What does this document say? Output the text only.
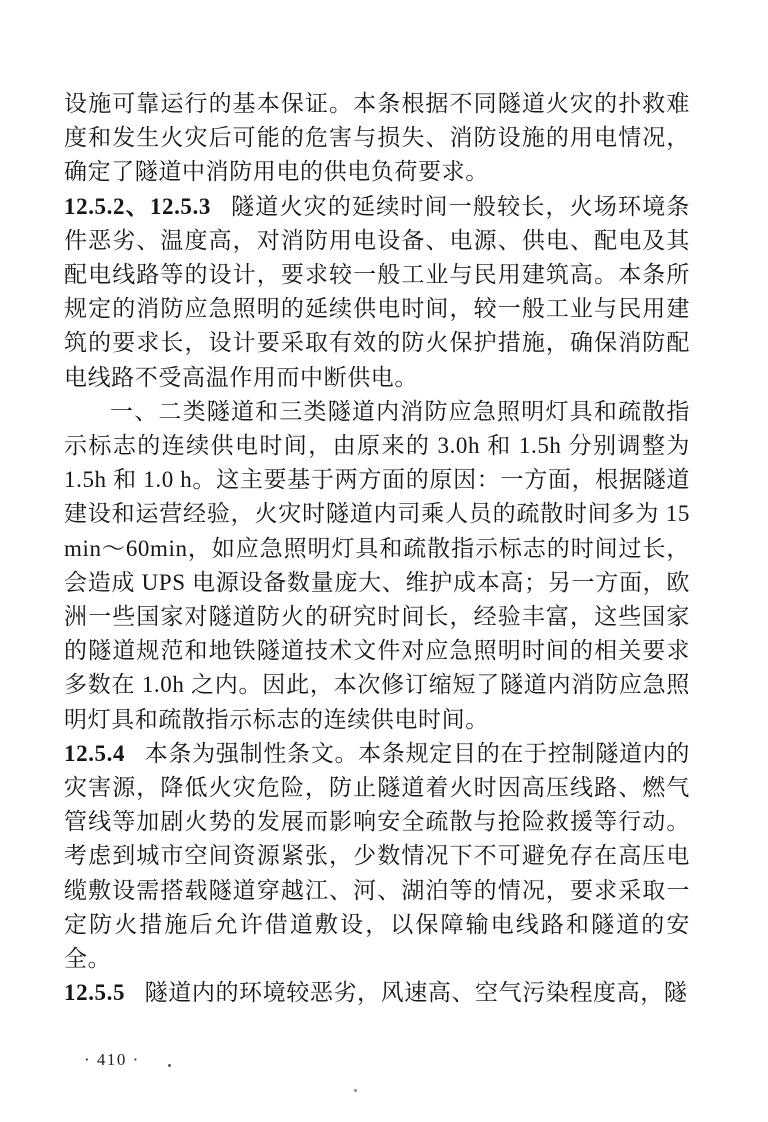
设施可靠运行的基本保证。本条根据不同隧道火灾的扑救难度和发生火灾后可能的危害与损失、消防设施的用电情况，确定了隧道中消防用电的供电负荷要求。

12.5.2、12.5.3 隧道火灾的延续时间一般较长，火场环境条件恶劣、温度高，对消防用电设备、电源、供电、配电及其配电线路等的设计，要求较一般工业与民用建筑高。本条所规定的消防应急照明的延续供电时间，较一般工业与民用建筑的要求长，设计要采取有效的防火保护措施，确保消防配电线路不受高温作用而中断供电。

一、二类隧道和三类隧道内消防应急照明灯具和疏散指示标志的连续供电时间，由原来的 3.0h 和 1.5h 分别调整为 1.5h 和 1.0 h。这主要基于两方面的原因：一方面，根据隧道建设和运营经验，火灾时隧道内司乘人员的疏散时间多为 15min～60min，如应急照明灯具和疏散指示标志的时间过长，会造成 UPS 电源设备数量庞大、维护成本高；另一方面，欧洲一些国家对隧道防火的研究时间长，经验丰富，这些国家的隧道规范和地铁隧道技术文件对应急照明时间的相关要求多数在 1.0h 之内。因此，本次修订缩短了隧道内消防应急照明灯具和疏散指示标志的连续供电时间。

12.5.4 本条为强制性条文。本条规定目的在于控制隧道内的灾害源，降低火灾危险，防止隧道着火时因高压线路、燃气管线等加剧火势的发展而影响安全疏散与抢险救援等行动。考虑到城市空间资源紧张，少数情况下不可避免存在高压电缆敷设需搭载隧道穿越江、河、湖泊等的情况，要求采取一定防火措施后允许借道敷设，以保障输电线路和隧道的安全。

12.5.5 隧道内的环境较恶劣，风速高、空气污染程度高，隧

· 410 ·
